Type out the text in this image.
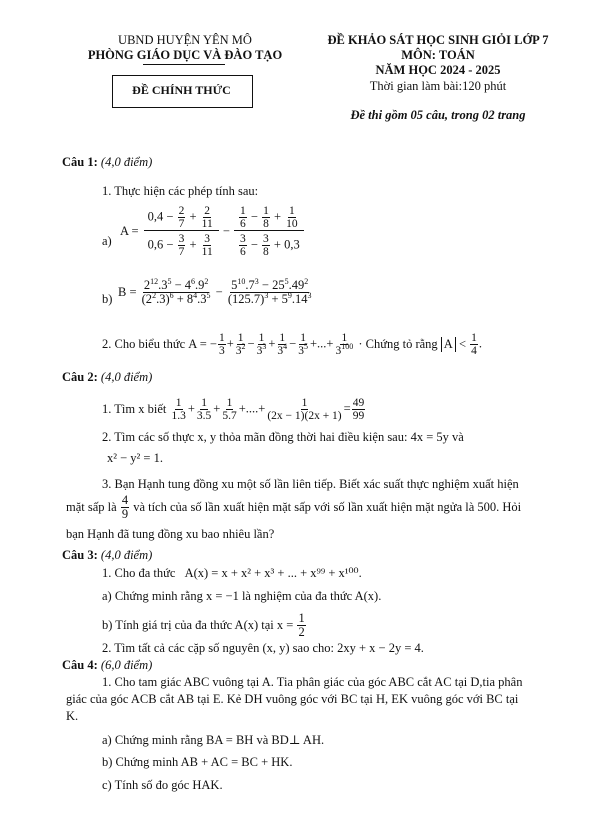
UBND HUYỆN YÊN MÔ
PHÒNG GIÁO DỤC VÀ ĐÀO TẠO
ĐỀ CHÍNH THỨC
ĐỀ KHẢO SÁT HỌC SINH GIỎI LỚP 7
MÔN: TOÁN
NĂM HỌC 2024 - 2025
Thời gian làm bài:120 phút
Đề thi gồm 05 câu, trong 02 trang
Câu 1: (4,0 điểm)
1. Thực hiện các phép tính sau:
a)
$A = \frac{0,4 - \frac{2}{7} + \frac{2}{11}}{0,6 - \frac{3}{7} + \frac{3}{11}} - \frac{\frac{1}{6} - \frac{1}{8} + \frac{1}{10}}{\frac{3}{6} - \frac{3}{8} + 0,3}$
b) $B = \frac{2^{12}.3^5 - 4^6.9^2}{(2^2.3)^6 + 8^4.3^5} - \frac{5^{10}.7^3 - 25^5.49^2}{(125.7)^3 + 5^9.14^3}$
2. Cho biểu thức A = − $\frac{1}{3} + \frac{1}{3^2} - \frac{1}{3^3} + \frac{1}{3^4} - \frac{1}{3^5}$ +...+ $\frac{1}{3^{100}}$ · Chứng tỏ rằng $A < \frac{1}{4}$ .
Câu 2: (4,0 điểm)
1. Tìm x biết $\frac{1}{1.3} + \frac{1}{3.5} + \frac{1}{5.7}$ +....+ $\frac{1}{(2x - 1)(2x + 1)} = \frac{49}{99}$
2. Tìm các số thực x, y thỏa mãn đồng thời hai điều kiện sau: 4x = 5y và
x² − y² = 1.
3. Bạn Hạnh tung đồng xu một số lần liên tiếp. Biết xác suất thực nghiệm xuất hiện
mặt sấp là $\frac{4}{9}$ và tích của số lần xuất hiện mặt sấp với số lần xuất hiện mặt ngửa là 500. Hỏi
bạn Hạnh đã tung đồng xu bao nhiêu lần?
Câu 3: (4,0 điểm)
1. Cho đa thức A(x) = x + x² + x³ + ... + x⁹⁹ + x¹⁰⁰.
a) Chứng minh rằng x = −1 là nghiệm của đa thức A(x).
b) Tính giá trị của đa thức A(x) tại $x = \frac{1}{2}$
2. Tìm tất cả các cặp số nguyên (x, y) sao cho: 2xy + x − 2y = 4.
Câu 4: (6,0 điểm)
1. Cho tam giác ABC vuông tại A. Tia phân giác của góc ABC cắt AC tại D,tia phân
giác của góc ACB cắt AB tại E. Kẻ DH vuông góc với BC tại H, EK vuông góc với BC tại
K.
a) Chứng minh rằng BA = BH và BD⊥ AH.
b) Chứng minh AB + AC = BC + HK.
c) Tính số đo góc HAK.
